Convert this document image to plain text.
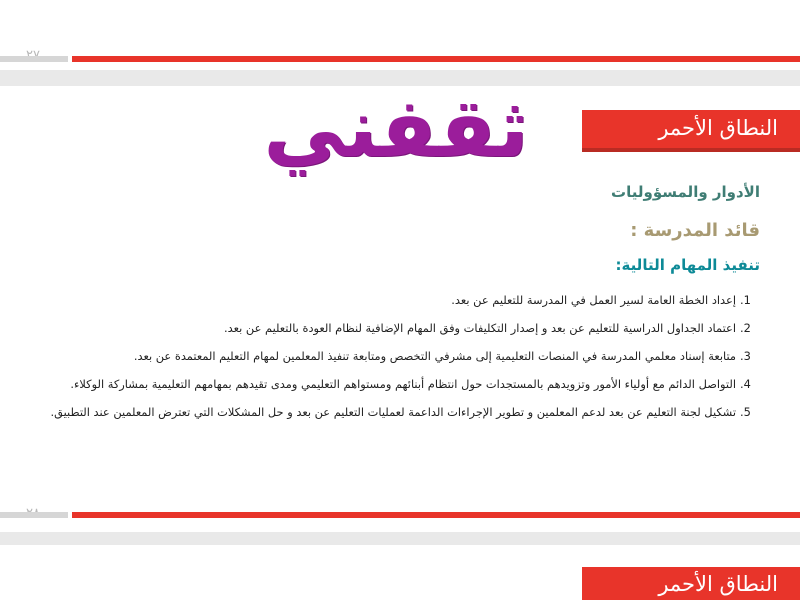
النطاق الأحمر
الأدوار والمسؤوليات
قائد المدرسة :
تنفيذ المهام التالية:
.1
إعداد الخطة العامة لسير العمل في المدرسة للتعليم عن بعد.
.2
اعتماد الجداول الدراسية للتعليم عن بعد و إصدار التكليفات وفق المهام الإضافية لنظام العودة بالتعليم عن بعد.
.3
متابعة إسناد معلمي المدرسة في المنصات التعليمية إلى مشرفي التخصص ومتابعة تنفيذ المعلمين لمهام التعليم المعتمدة عن بعد.
.4
التواصل الدائم مع أولياء الأمور وتزويدهم بالمستجدات حول انتظام أبنائهم ومستواهم التعليمي ومدى تقيدهم بمهامهم التعليمية بمشاركة الوكلاء.
.5
تشكيل لجنة التعليم عن بعد لدعم المعلمين و تطوير الإجراءات الداعمة لعمليات التعليم عن بعد و حل المشكلات التي تعترض المعلمين عند التطبيق.
ثقفني
النطاق الأحمر
